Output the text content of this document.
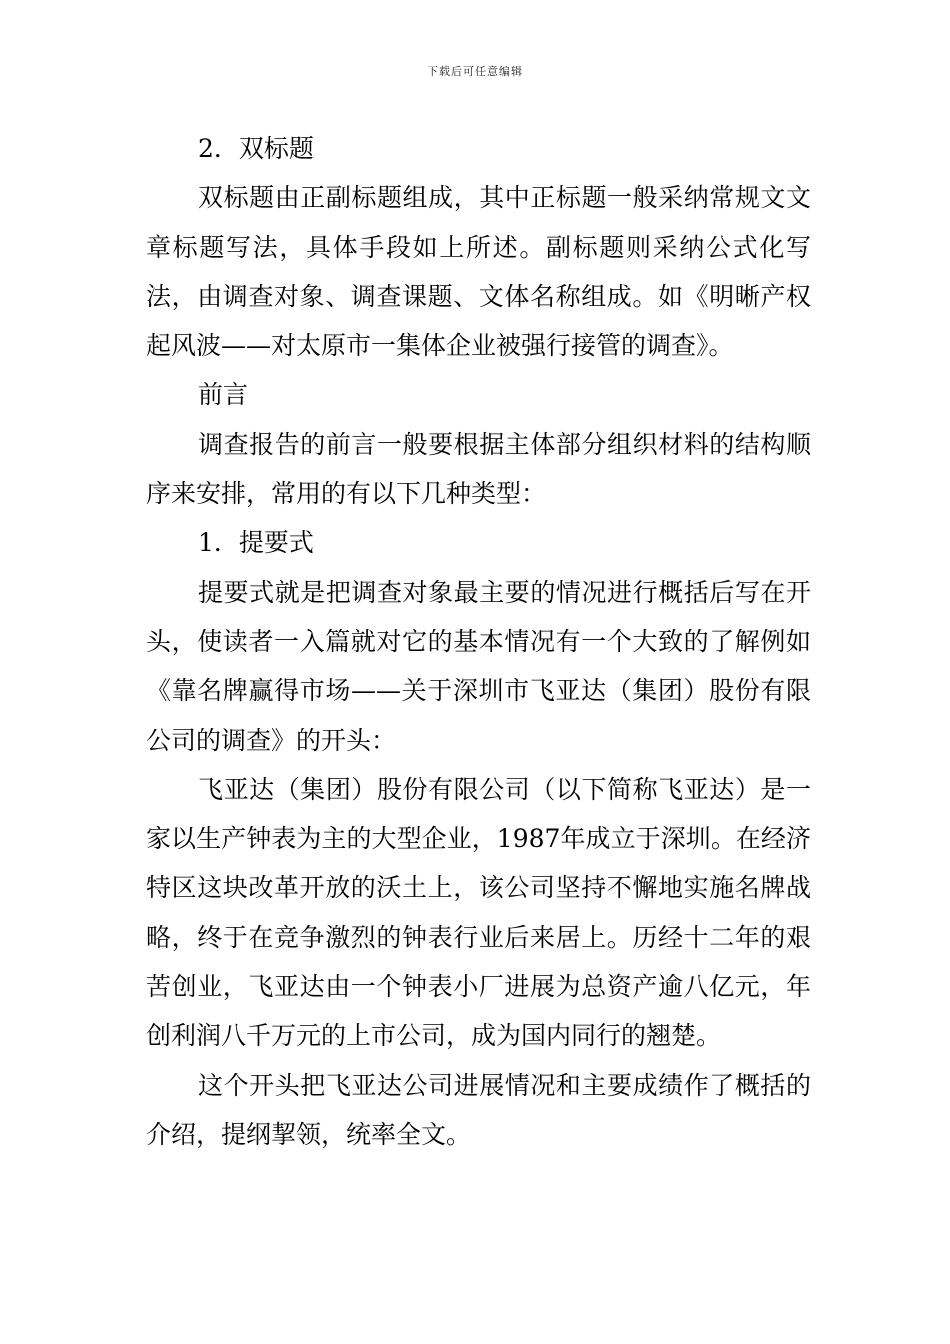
下载后可任意编辑

2．双标题

双标题由正副标题组成，其中正标题一般采纳常规文文章标题写法，具体手段如上所述。副标题则采纳公式化写法，由调查对象、调查课题、文体名称组成。如《明晰产权起风波——对太原市一集体企业被强行接管的调查》。

前言

调查报告的前言一般要根据主体部分组织材料的结构顺序来安排，常用的有以下几种类型：

1．提要式

提要式就是把调查对象最主要的情况进行概括后写在开头，使读者一入篇就对它的基本情况有一个大致的了解例如《靠名牌赢得市场——关于深圳市飞亚达（集团）股份有限公司的调查》的开头：

飞亚达（集团）股份有限公司（以下简称飞亚达）是一家以生产钟表为主的大型企业，1987年成立于深圳。在经济特区这块改革开放的沃土上，该公司坚持不懈地实施名牌战略，终于在竞争激烈的钟表行业后来居上。历经十二年的艰苦创业，飞亚达由一个钟表小厂进展为总资产逾八亿元，年创利润八千万元的上市公司，成为国内同行的翘楚。

这个开头把飞亚达公司进展情况和主要成绩作了概括的介绍，提纲挈领，统率全文。
